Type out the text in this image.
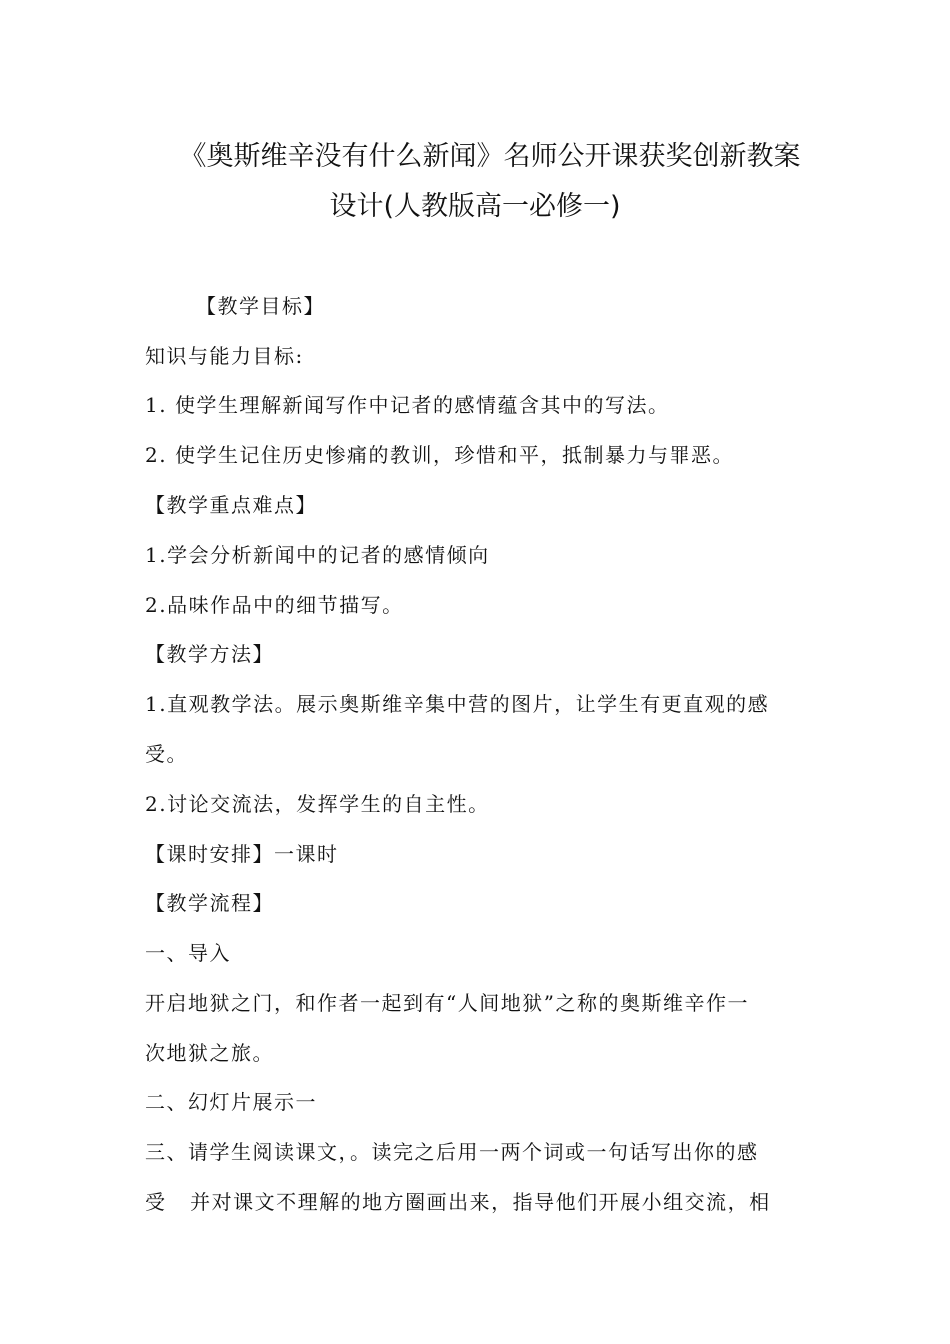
《奥斯维辛没有什么新闻》名师公开课获奖创新教案
设计(人教版高一必修一)
【教学目标】
知识与能力目标:
1. 使学生理解新闻写作中记者的感情蕴含其中的写法。
2. 使学生记住历史惨痛的教训，珍惜和平，抵制暴力与罪恶。
【教学重点难点】
1.学会分析新闻中的记者的感情倾向
2.品味作品中的细节描写。
【教学方法】
1.直观教学法。展示奥斯维辛集中营的图片，让学生有更直观的感
受。
2.讨论交流法，发挥学生的自主性。
【课时安排】一课时
【教学流程】
一、导入
开启地狱之门，和作者一起到有“人间地狱”之称的奥斯维辛作一
次地狱之旅。
二、幻灯片展示一
三、请学生阅读课文，。读完之后用一两个词或一句话写出你的感
受   并对课文不理解的地方圈画出来，指导他们开展小组交流，相
